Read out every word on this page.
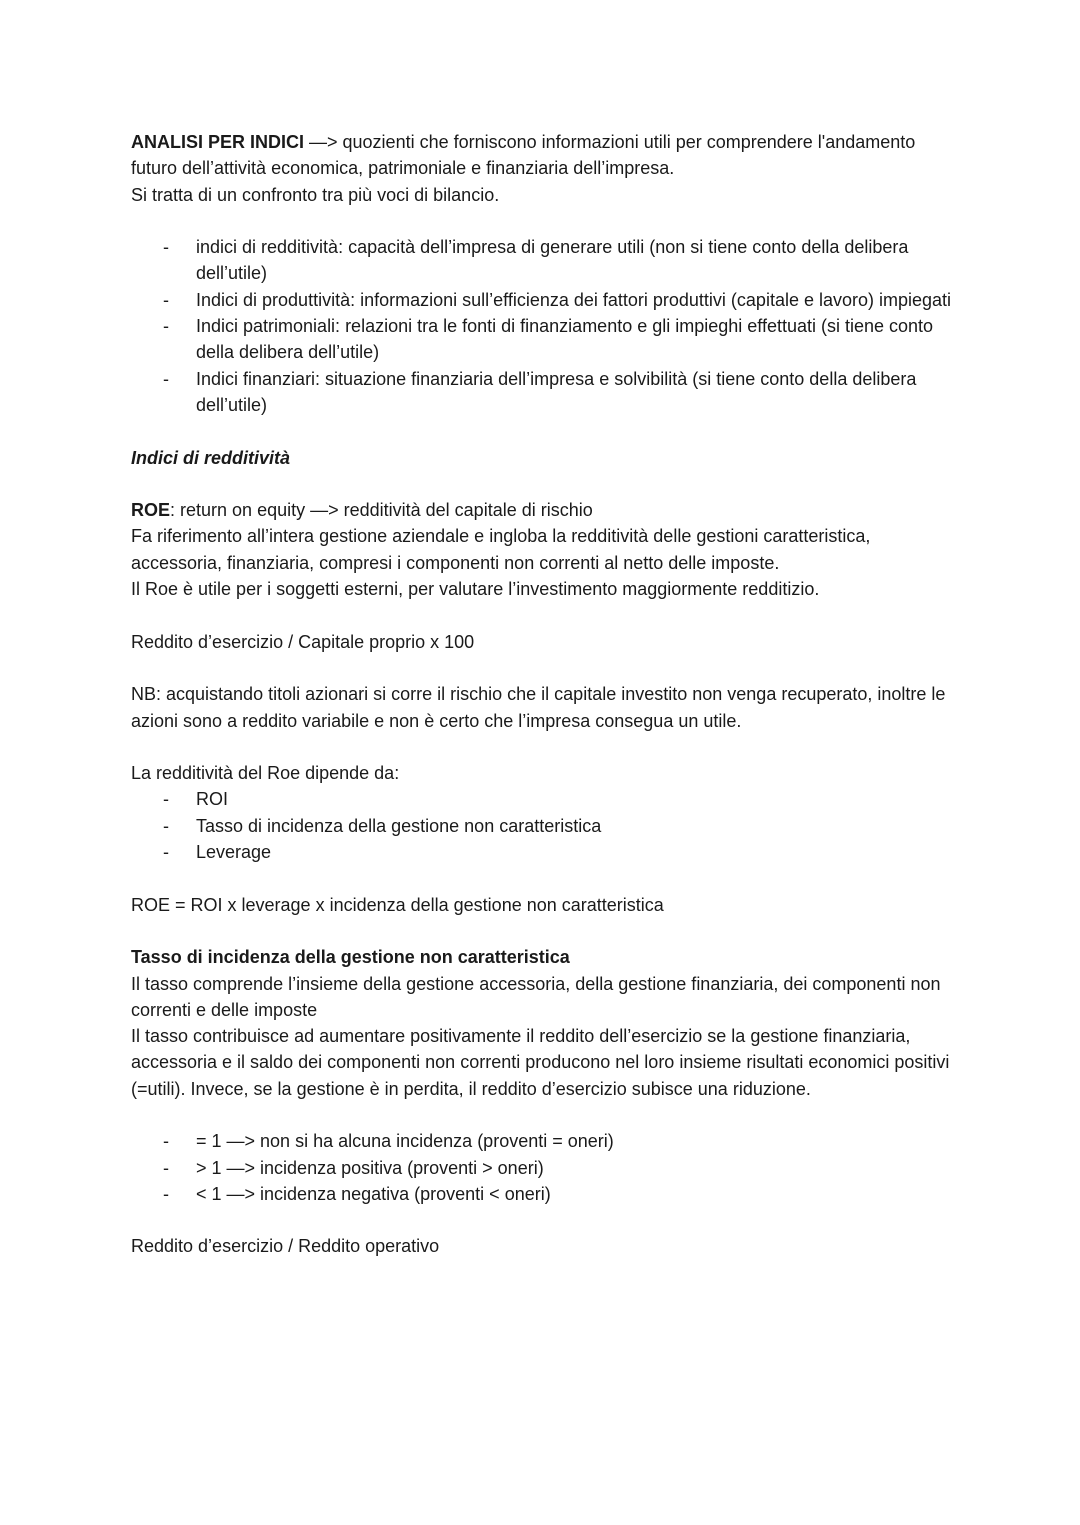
ANALISI PER INDICI —> quozienti che forniscono informazioni utili per comprendere l'andamento futuro dell’attività economica, patrimoniale e finanziaria dell’impresa.

Si tratta di un confronto tra più voci di bilancio.

- indici di redditività: capacità dell’impresa di generare utili (non si tiene conto della delibera dell’utile)
- Indici di produttività: informazioni sull’efficienza dei fattori produttivi (capitale e lavoro) impiegati
- Indici patrimoniali: relazioni tra le fonti di finanziamento e gli impieghi effettuati (si tiene conto della delibera dell’utile)
- Indici finanziari: situazione finanziaria dell’impresa e solvibilità (si tiene conto della delibera dell’utile)

Indici di redditività

ROE: return on equity —> redditività del capitale di rischio

Fa riferimento all’intera gestione aziendale e ingloba la redditività delle gestioni caratteristica, accessoria, finanziaria, compresi i componenti non correnti al netto delle imposte.

Il Roe è utile per i soggetti esterni, per valutare l’investimento maggiormente redditizio.

Reddito d’esercizio / Capitale proprio x 100

NB: acquistando titoli azionari si corre il rischio che il capitale investito non venga recuperato, inoltre le azioni sono a reddito variabile e non è certo che l’impresa consegua un utile.

La redditività del Roe dipende da:

- ROI
- Tasso di incidenza della gestione non caratteristica
- Leverage

ROE = ROI x leverage x incidenza della gestione non caratteristica

Tasso di incidenza della gestione non caratteristica

Il tasso comprende l’insieme della gestione accessoria, della gestione finanziaria, dei componenti non correnti e delle imposte

Il tasso contribuisce ad aumentare positivamente il reddito dell’esercizio se la gestione finanziaria, accessoria e il saldo dei componenti non correnti producono nel loro insieme risultati economici positivi (=utili). Invece, se la gestione è in perdita, il reddito d’esercizio subisce una riduzione.

- = 1 —> non si ha alcuna incidenza (proventi = oneri)
- > 1 —> incidenza positiva (proventi > oneri)
- < 1 —> incidenza negativa (proventi < oneri)

Reddito d’esercizio / Reddito operativo
